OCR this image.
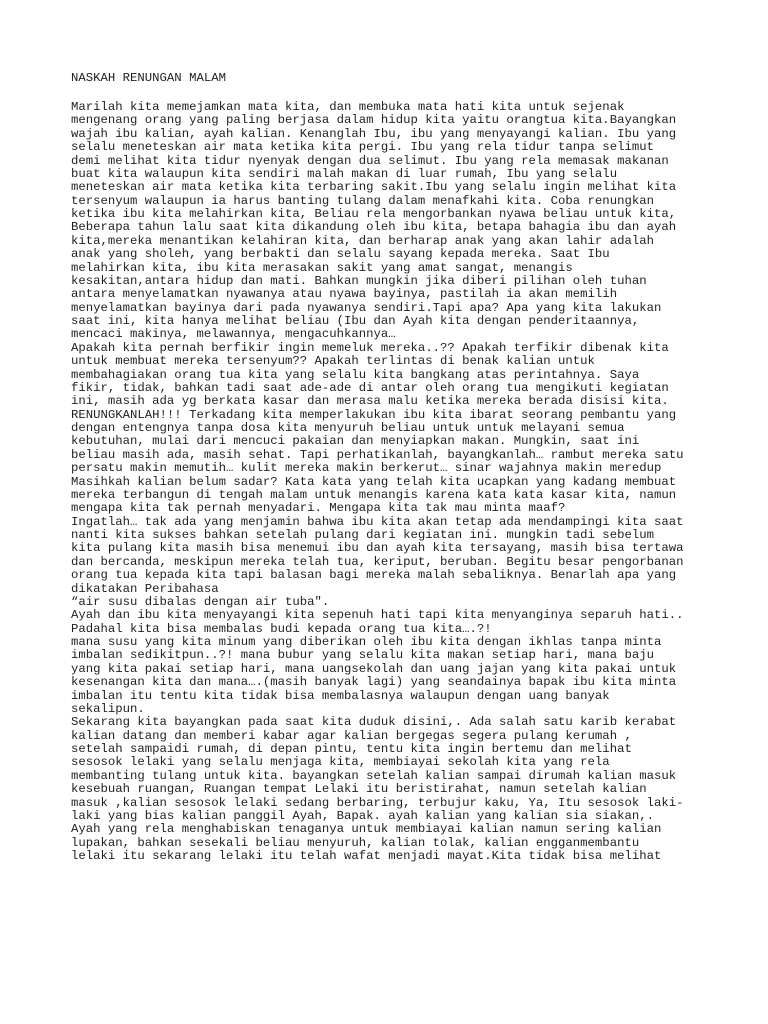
NASKAH RENUNGAN MALAM
Marilah kita memejamkan mata kita, dan membuka mata hati kita untuk sejenak
mengenang orang yang paling berjasa dalam hidup kita yaitu orangtua kita.Bayangkan
wajah ibu kalian, ayah kalian. Kenanglah Ibu, ibu yang menyayangi kalian. Ibu yang
selalu meneteskan air mata ketika kita pergi. Ibu yang rela tidur tanpa selimut
demi melihat kita tidur nyenyak dengan dua selimut. Ibu yang rela memasak makanan
buat kita walaupun kita sendiri malah makan di luar rumah, Ibu yang selalu
meneteskan air mata ketika kita terbaring sakit.Ibu yang selalu ingin melihat kita
tersenyum walaupun ia harus banting tulang dalam menafkahi kita. Coba renungkan
ketika ibu kita melahirkan kita, Beliau rela mengorbankan nyawa beliau untuk kita,
Beberapa tahun lalu saat kita dikandung oleh ibu kita, betapa bahagia ibu dan ayah
kita,mereka menantikan kelahiran kita, dan berharap anak yang akan lahir adalah
anak yang sholeh, yang berbakti dan selalu sayang kepada mereka. Saat Ibu
melahirkan kita, ibu kita merasakan sakit yang amat sangat, menangis
kesakitan,antara hidup dan mati. Bahkan mungkin jika diberi pilihan oleh tuhan
antara menyelamatkan nyawanya atau nyawa bayinya, pastilah ia akan memilih
menyelamatkan bayinya dari pada nyawanya sendiri.Tapi apa? Apa yang kita lakukan
saat ini, kita hanya melihat beliau (Ibu dan Ayah kita dengan penderitaannya,
mencaci makinya, melawannya, mengacuhkannya…
Apakah kita pernah berfikir ingin memeluk mereka..?? Apakah terfikir dibenak kita
untuk membuat mereka tersenyum?? Apakah terlintas di benak kalian untuk
membahagiakan orang tua kita yang selalu kita bangkang atas perintahnya. Saya
fikir, tidak, bahkan tadi saat ade-ade di antar oleh orang tua mengikuti kegiatan
ini, masih ada yg berkata kasar dan merasa malu ketika mereka berada disisi kita.
RENUNGKANLAH!!! Terkadang kita memperlakukan ibu kita ibarat seorang pembantu yang
dengan entengnya tanpa dosa kita menyuruh beliau untuk untuk melayani semua
kebutuhan, mulai dari mencuci pakaian dan menyiapkan makan. Mungkin, saat ini
beliau masih ada, masih sehat. Tapi perhatikanlah, bayangkanlah… rambut mereka satu
persatu makin memutih… kulit mereka makin berkerut… sinar wajahnya makin meredup
Masihkah kalian belum sadar? Kata kata yang telah kita ucapkan yang kadang membuat
mereka terbangun di tengah malam untuk menangis karena kata kata kasar kita, namun
mengapa kita tak pernah menyadari. Mengapa kita tak mau minta maaf?
Ingatlah… tak ada yang menjamin bahwa ibu kita akan tetap ada mendampingi kita saat
nanti kita sukses bahkan setelah pulang dari kegiatan ini. mungkin tadi sebelum
kita pulang kita masih bisa menemui ibu dan ayah kita tersayang, masih bisa tertawa
dan bercanda, meskipun mereka telah tua, keriput, beruban. Begitu besar pengorbanan
orang tua kepada kita tapi balasan bagi mereka malah sebaliknya. Benarlah apa yang
dikatakan Peribahasa
“air susu dibalas dengan air tuba".
Ayah dan ibu kita menyayangi kita sepenuh hati tapi kita menyanginya separuh hati..
Padahal kita bisa membalas budi kepada orang tua kita….?!
mana susu yang kita minum yang diberikan oleh ibu kita dengan ikhlas tanpa minta
imbalan sedikitpun..?! mana bubur yang selalu kita makan setiap hari, mana baju
yang kita pakai setiap hari, mana uangsekolah dan uang jajan yang kita pakai untuk
kesenangan kita dan mana….(masih banyak lagi) yang seandainya bapak ibu kita minta
imbalan itu tentu kita tidak bisa membalasnya walaupun dengan uang banyak
sekalipun.
Sekarang kita bayangkan pada saat kita duduk disini,. Ada salah satu karib kerabat
kalian datang dan memberi kabar agar kalian bergegas segera pulang kerumah ,
setelah sampaidi rumah, di depan pintu, tentu kita ingin bertemu dan melihat
sesosok lelaki yang selalu menjaga kita, membiayai sekolah kita yang rela
membanting tulang untuk kita. bayangkan setelah kalian sampai dirumah kalian masuk
kesebuah ruangan, Ruangan tempat Lelaki itu beristirahat, namun setelah kalian
masuk ,kalian sesosok lelaki sedang berbaring, terbujur kaku, Ya, Itu sesosok laki-
laki yang bias kalian panggil Ayah, Bapak. ayah kalian yang kalian sia siakan,.
Ayah yang rela menghabiskan tenaganya untuk membiayai kalian namun sering kalian
lupakan, bahkan sesekali beliau menyuruh, kalian tolak, kalian engganmembantu
lelaki itu sekarang lelaki itu telah wafat menjadi mayat.Kita tidak bisa melihat
